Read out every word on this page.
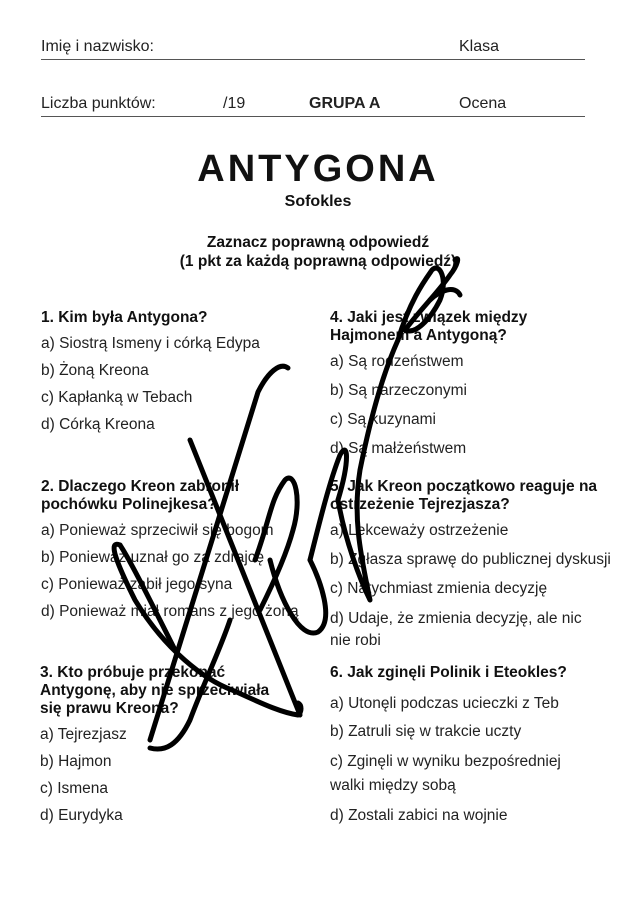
Imię i nazwisko:	Klasa
Liczba punktów:	/19	GRUPA A	Ocena
ANTYGONA
Sofokles
Zaznacz poprawną odpowiedź
(1 pkt za każdą poprawną odpowiedź)
1. Kim była Antygona?
a) Siostrą Ismeny i córką Edypa
b) Żoną Kreona
c) Kapłanką w Tebach
d) Córką Kreona
2. Dlaczego Kreon zabronił pochówku Polinejkesa?
a) Ponieważ sprzeciwił się bogom
b) Ponieważ uznał go za zdrajcę
c) Ponieważ zabił jego syna
d) Ponieważ miał romans z jego żoną
3. Kto próbuje przekonać Antygonę, aby nie sprzeciwiała się prawu Kreona?
a) Tejrezjasz
b) Hajmon
c) Ismena
d) Eurydyka
4. Jaki jest związek między Hajmonem a Antygoną?
a) Są rodzeństwem
b) Są narzeczonymi
c) Są kuzynami
d) Są małżeństwem
5. Jak Kreon początkowo reaguje na ostrzeżenie Tejrezjasza?
a) Lekceważy ostrzeżenie
b) Zgłasza sprawę do publicznej dyskusji
c) Natychmiast zmienia decyzję
d) Udaje, że zmienia decyzję, ale nic nie robi
6. Jak zginęli Polinik i Eteokles?
a) Utonęli podczas ucieczki z Teb
b) Zatruli się w trakcie uczty
c) Zginęli w wyniku bezpośredniej walki między sobą
d) Zostali zabici na wojnie
